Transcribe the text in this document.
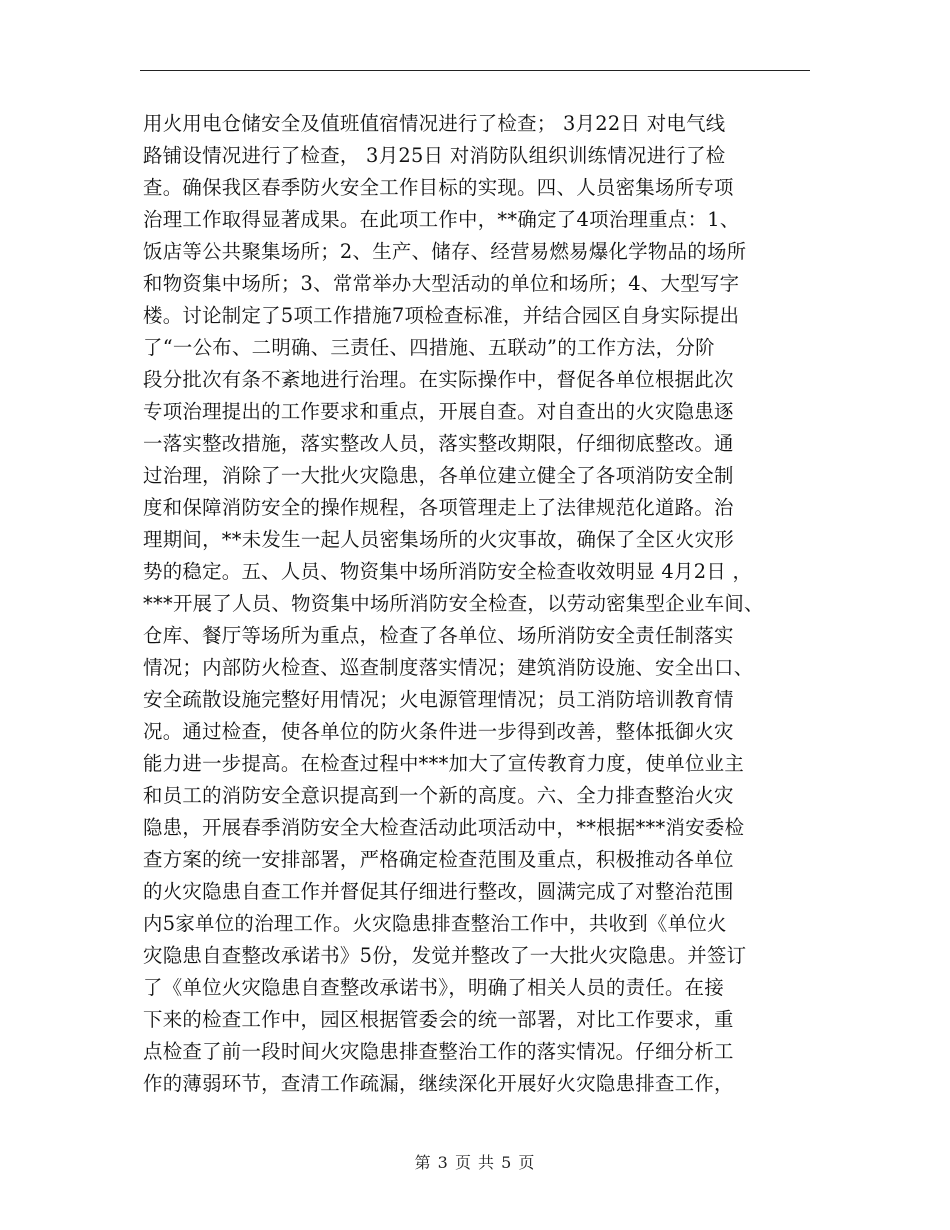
用火用电仓储安全及值班值宿情况进行了检查； 3月22日 对电气线
路铺设情况进行了检查， 3月25日 对消防队组织训练情况进行了检
查。确保我区春季防火安全工作目标的实现。四、人员密集场所专项
治理工作取得显著成果。在此项工作中，**确定了4项治理重点：1、
饭店等公共聚集场所；2、生产、储存、经营易燃易爆化学物品的场所
和物资集中场所；3、常常举办大型活动的单位和场所；4、大型写字
楼。讨论制定了5项工作措施7项检查标准，并结合园区自身实际提出
了“一公布、二明确、三责任、四措施、五联动”的工作方法，分阶
段分批次有条不紊地进行治理。在实际操作中，督促各单位根据此次
专项治理提出的工作要求和重点，开展自查。对自查出的火灾隐患逐
一落实整改措施，落实整改人员，落实整改期限，仔细彻底整改。通
过治理，消除了一大批火灾隐患，各单位建立健全了各项消防安全制
度和保障消防安全的操作规程，各项管理走上了法律规范化道路。治
理期间，**未发生一起人员密集场所的火灾事故，确保了全区火灾形
势的稳定。五、人员、物资集中场所消防安全检查收效明显 4月2日 ，
***开展了人员、物资集中场所消防安全检查，以劳动密集型企业车间、
仓库、餐厅等场所为重点，检查了各单位、场所消防安全责任制落实
情况；内部防火检查、巡查制度落实情况；建筑消防设施、安全出口、
安全疏散设施完整好用情况；火电源管理情况；员工消防培训教育情
况。通过检查，使各单位的防火条件进一步得到改善，整体抵御火灾
能力进一步提高。在检查过程中***加大了宣传教育力度，使单位业主
和员工的消防安全意识提高到一个新的高度。六、全力排查整治火灾
隐患，开展春季消防安全大检查活动此项活动中，**根据***消安委检
查方案的统一安排部署，严格确定检查范围及重点，积极推动各单位
的火灾隐患自查工作并督促其仔细进行整改，圆满完成了对整治范围
内5家单位的治理工作。火灾隐患排查整治工作中，共收到《单位火
灾隐患自查整改承诺书》5份，发觉并整改了一大批火灾隐患。并签订
了《单位火灾隐患自查整改承诺书》，明确了相关人员的责任。在接
下来的检查工作中，园区根据管委会的统一部署，对比工作要求，重
点检查了前一段时间火灾隐患排查整治工作的落实情况。仔细分析工
作的薄弱环节，查清工作疏漏，继续深化开展好火灾隐患排查工作，
第 3 页 共 5 页
